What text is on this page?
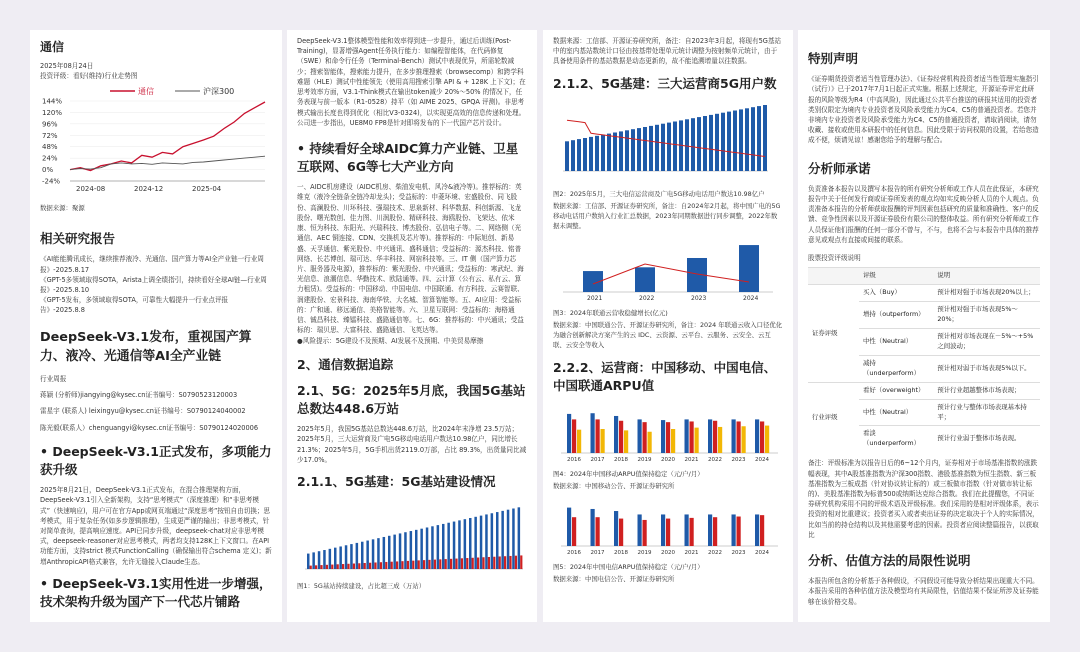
通信
2025年08月24日
投资评级：看好(维持)行业走势图
通信	沪深300
144%
120%
96%
72%
48%
24%
0%
-24%
2024-08	2024-12	2025-04
数据来源：聚源
相关研究报告
《AI能能腾讯成长，继续推荐液冷、光通信、国产算力等AI全产业链一行业周报》-2025.8.17
《GPT-5多领域取得SOTA，Arista上调全绩指引，持续看好全球AI链—行业周报》-2025.8.10
《GPT-5发布，多领域取得SOTA，可靠性大幅提升一行业点评报告》-2025.8.8
DeepSeek-V3.1发布，重视国产算力、液冷、光通信等AI全产业链
行业周报
蒋颖 (分析师)jiangying@kysec.cn证书编号：S0790523120003
雷星宇 (联系人) leixingyu@kysec.cn证书编号：S0790124040002
陈光毅(联系人）chenguangyi@kysec.cn证书编号：S0790124020006
• DeepSeek-V3.1正式发布，多项能力获升级
2025年8月21日，DeepSeek-V3.1正式发布，在混合推理架构方面，DeepSeek-V3.1引入全新架构，支持“思考模式”（深度推理）和“非思考模式”（快速响应)，用户可在官方App或网页端通过“深度思考”按钮自由切换；思考模式，用于复杂任务(如多步逻辑推理)，生成更严谨的输出；非思考模式，针对简单查询，提高响应速度。API已同步升级，deepseek-chat对应非思考模式，deepseek-reasoner对应思考模式，两者均支持128K上下文窗口。在API功能方面，支持strict 模式FunctionCalling（确保输出符合schema 定义)；新增AnthropicAPI格式兼容，允许无缝接入Claude生态。
• DeepSeek-V3.1实用性进一步增强，技术架构升级为国产下一代芯片铺路
DeepSeek-V3.1整体模型性能和效率得到进一步提升，通过后训练(Post-Training)，显著增强Agent任务执行能力：如编程智能体，在代码修复（SWE）和命令行任务（Terminal-Bench）测试中表现优异，所需轮数减少；搜索智能体，搜索能力提升，在多步推理搜索（browsecomp）和跨学科难题（HLE）测试中性能领先（使用高用搜索引擎 API & + 128K 上下文)；在思考效率方面，V3.1-Think模式在输出token减少 20%～50% 的情况下，任务表现与前一版本（R1-0528）持平（如 AIME 2025、GPQA 评测)。非思考模式输出长度也得到优化（相比V3-0324)，以实现更高效的信息传递和处理。公司进一步指出，UE8M0 FP8是针对即将发布的下一代国产芯片设计。
• 持续看好全球AIDC算力产业链、卫星互联网、6G等七大产业方向
一、AIDC机房建设（AIDC机房、柴油发电机、风冷&液冷等)。推荐标的：英维克（液冷全链条全链冷却龙头)；受益标的：申菱环境、宏盛股份、同飞股份、高澜股份、川环科技、强瑞技术、思泉新材、科华数据、科创新源、飞龙股份、曙光数创、佳力图、川润股份、精研科技、海鸥股份、飞荣达、依米康、恒为科技、东阳光、兴瑞科技、博杰股份、弘信电子等。二、网络侧（光通信、AEC 铜连接、CDN、交换机及芯片等)。推荐标的：中际旭创、新易盛、天孚通信、紫光股份、中兴通讯、盛科通信；受益标的：源杰科技、铭普网络、长芯博创、瑞可达、华丰科技、网宿科技等。三、IT 侧（国产算力芯片、服务器及电源)，推荐标的：紫光股份、中兴通讯；受益标的：寒武纪、海光信息、浪潮信息、华勤技术、欧陆通等。四、云计算（公有云、私有云、算力租赁)。受益标的：中国移动、中国电信、中国联通、有方科技、云赛智联、润建股份、宏景科技、海南华铁、大名城、智算智能等。五、AI应用：受益标的：广和通、移远通信、美格智能等。六、卫星互联网：受益标的：海格通信、铖昌科技、臻镭科技、盛路通信等。七、6G：推荐标的：中兴通讯；受益标的：瑞贝思、大富科技、盛路通信、飞英达等。
●风险提示：5G建设不及预期、AI发展不及预期、中美贸易摩擦
2、通信数据追踪
2.1、5G：2025年5月底，我国5G基站总数达448.6万站
2025年5月，我国5G基站总数达448.6万站，比2024年末净增 23.5万站；2025年5月，三大运营商及广电5G移动电话用户数达10.98亿户，同比增长21.3%；2025年5月，5G手机出货2119.0万部，占比 89.3%，出货量同比减少17.0%。
2.1.1、5G基建：5G基站建设情况
图1：5G基站持续建设，占比超三成（万站）
数据来源：工信部、开源证券研究所，备注：自2023年3月起，将现有5G基站中的室内基站数统计口径由按基带处理单元统计调整为按射频单元统计，由于具备使用条件的基站数据是动态更新的，故不能追溯增量以往数据。
2.1.2、5G基建：三大运营商5G用户数
图2：2025年5月，三大电信运营商及广电5G移动电话用户数达10.98亿户
数据来源：工信部、开源证券研究所，备注：自2024年2月起，将中国广电的5G移动电话用户数纳入行业汇总数据，2023年同期数据进行同步调整，2022年数据未调整。
2021	2022	2023	2024
图3：2024年联通云营收稳健增长(亿元)
数据来源：中国联通公告、开源证券研究所，备注：2024 年联通云收入口径优化为融合创新解决方案产生的云 IDC、云资源、云平台、云服务、云安全、云互联、云安全等收入
2.2.2、运营商：中国移动、中国电信、中国联通ARPU值
2016 2017 2018 2019 2020 2021 2022 2023 2024
图4：2024年中国移动ARPU值保持稳定（元/户/月）
数据来源：中国移动公告、开源证券研究所
2016 2017 2018 2019 2020 2021 2022 2023 2024
图5：2024年中国电信ARPU值保持稳定（元/户/月）
数据来源：中国电信公告、开源证券研究所
特别声明
《证券期货投资者适当性管理办法》、《证券经营机构投资者适当性管理实施指引（试行）》已于2017年7月1日起正式实施。根据上述规定，开源证券评定此研报的风险等级为R4（中高风险)，因此通过公共平台推送的研报其适用的投资者类别仅限定为境内专业投资者及风险承受能力为C4、C5的普通投资者。若您并非境内专业投资者及风险承受能力为C4、C5的普通投资者，请取消阅读，请勿收藏、接收或使用本研报中的任何信息。因此受限于访问权限的设置，若给您造成不便，烦请见谅！感谢您给予的理解与配合。
分析师承诺
负责准备本报告以及撰写本报告的所有研究分析师或工作人员在此保证，本研究报告中关于任何发行商或证券所发表的观点均如实反映分析人员的个人观点。负责准备本报告的分析师获取报酬的评判因素包括研究的质量和准确性、客户的反馈、竞争性因素以及开源证券股份有限公司的整体收益。所有研究分析师或工作人员保证他们报酬的任何一部分不曾与，不与，也将不会与本报告中具体的推荐意见或观点有直接或间接的联系。
股票投资评级说明
	评级	说明
证券评级	买入（Buy）	预计相对强于市场表现20%以上；
	增持（outperform）	预计相对强于市场表现5%～20%；
	中性（Neutral）	预计相对市场表现在－5%～+5%之间波动；
	减持（underperform）	预计相对弱于市场表现5%以下。
行业评级	看好（overweight）	预计行业超越整体市场表现；
	中性（Neutral）	预计行业与整体市场表现基本持平；
	看淡（underperform）	预计行业弱于整体市场表现。
备注：评级标准为以报告日后的6~12个月内，证券相对于市场基准指数的涨跌幅表现，其中A股基准指数为沪深300指数、港股基准指数为恒生指数、新三板基准指数为三板成指（针对协议转让标的）或三板做市指数（针对做市转让标的)、美股基准指数为标普500或纳斯达克综合指数。我们在此提醒您，不同证券研究机构采用不同的评级术语及评级标准。我们采用的是相对评级体系，表示投资的相对比重建议；投资者买入或者卖出证券的决定取决于个人的实际情况，比如当前的持仓结构以及其他需要考虑的因素。投资者应阅读整篇报告，以获取比
分析、估值方法的局限性说明
本报告所包含的分析基于各种假设，不同假设可能导致分析结果出现重大不同。本报告采用的各种估值方法及模型均有其局限性，估值结果不保证所涉及证券能够在该价格交易。
